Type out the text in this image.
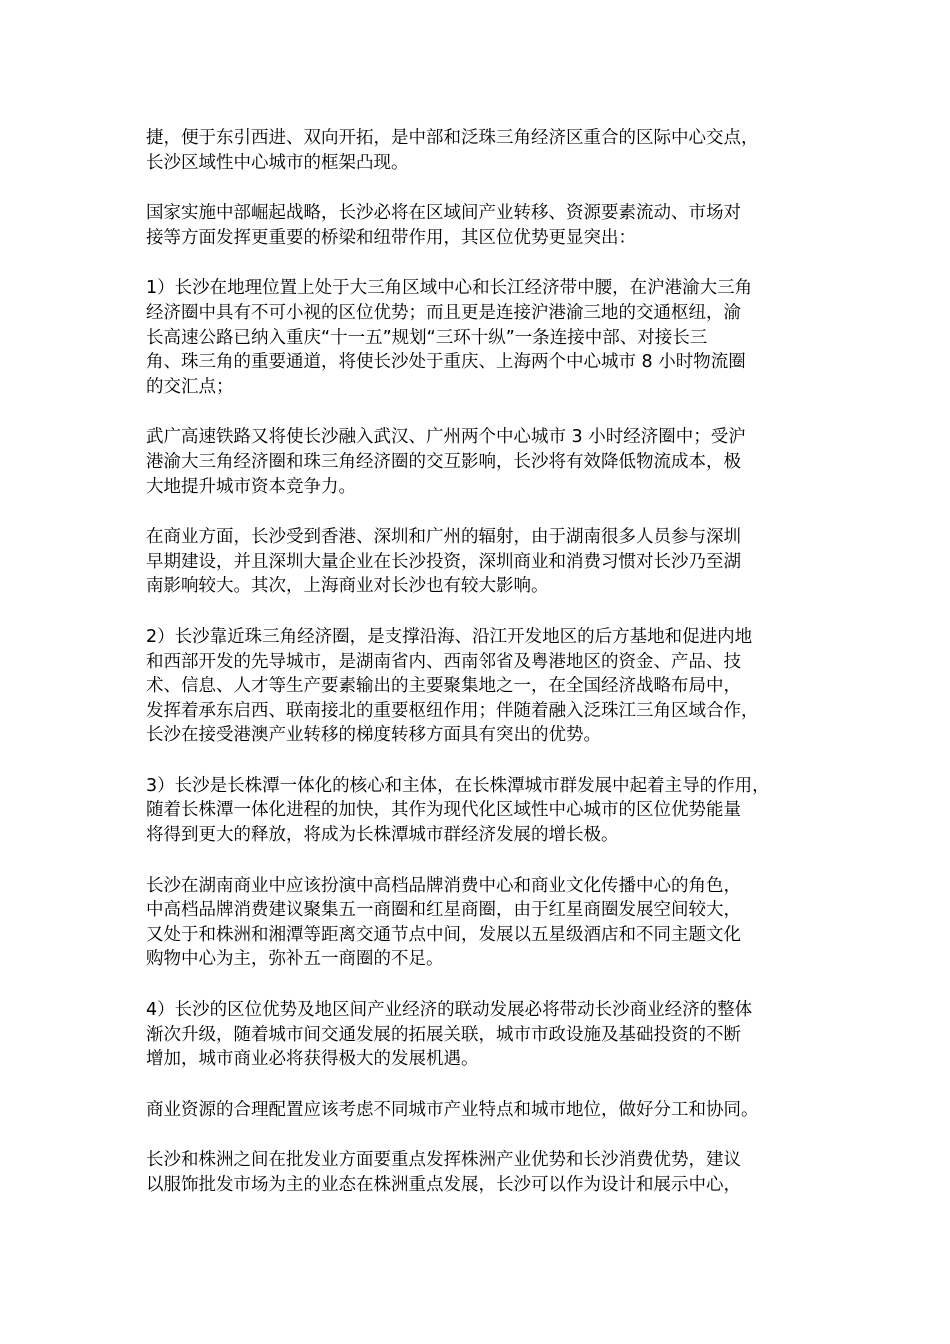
捷，便于东引西进、双向开拓，是中部和泛珠三角经济区重合的区际中心交点，
长沙区域性中心城市的框架凸现。
国家实施中部崛起战略，长沙必将在区域间产业转移、资源要素流动、市场对
接等方面发挥更重要的桥梁和纽带作用，其区位优势更显突出：
1）长沙在地理位置上处于大三角区域中心和长江经济带中腰，在沪港渝大三角
经济圈中具有不可小视的区位优势；而且更是连接沪港渝三地的交通枢纽，渝
长高速公路已纳入重庆“十一五”规划“三环十纵”一条连接中部、对接长三
角、珠三角的重要通道，将使长沙处于重庆、上海两个中心城市 8 小时物流圈
的交汇点；
武广高速铁路又将使长沙融入武汉、广州两个中心城市 3 小时经济圈中；受沪
港渝大三角经济圈和珠三角经济圈的交互影响，长沙将有效降低物流成本，极
大地提升城市资本竞争力。
在商业方面，长沙受到香港、深圳和广州的辐射，由于湖南很多人员参与深圳
早期建设，并且深圳大量企业在长沙投资，深圳商业和消费习惯对长沙乃至湖
南影响较大。其次，上海商业对长沙也有较大影响。
2）长沙靠近珠三角经济圈，是支撑沿海、沿江开发地区的后方基地和促进内地
和西部开发的先导城市，是湖南省内、西南邻省及粤港地区的资金、产品、技
术、信息、人才等生产要素输出的主要聚集地之一，在全国经济战略布局中，
发挥着承东启西、联南接北的重要枢纽作用；伴随着融入泛珠江三角区域合作，
长沙在接受港澳产业转移的梯度转移方面具有突出的优势。
3）长沙是长株潭一体化的核心和主体，在长株潭城市群发展中起着主导的作用，
随着长株潭一体化进程的加快，其作为现代化区域性中心城市的区位优势能量
将得到更大的释放，将成为长株潭城市群经济发展的增长极。
长沙在湖南商业中应该扮演中高档品牌消费中心和商业文化传播中心的角色，
中高档品牌消费建议聚集五一商圈和红星商圈，由于红星商圈发展空间较大，
又处于和株洲和湘潭等距离交通节点中间，发展以五星级酒店和不同主题文化
购物中心为主，弥补五一商圈的不足。
4）长沙的区位优势及地区间产业经济的联动发展必将带动长沙商业经济的整体
渐次升级，随着城市间交通发展的拓展关联，城市市政设施及基础投资的不断
增加，城市商业必将获得极大的发展机遇。
商业资源的合理配置应该考虑不同城市产业特点和城市地位，做好分工和协同。
长沙和株洲之间在批发业方面要重点发挥株洲产业优势和长沙消费优势，建议
以服饰批发市场为主的业态在株洲重点发展，长沙可以作为设计和展示中心，
